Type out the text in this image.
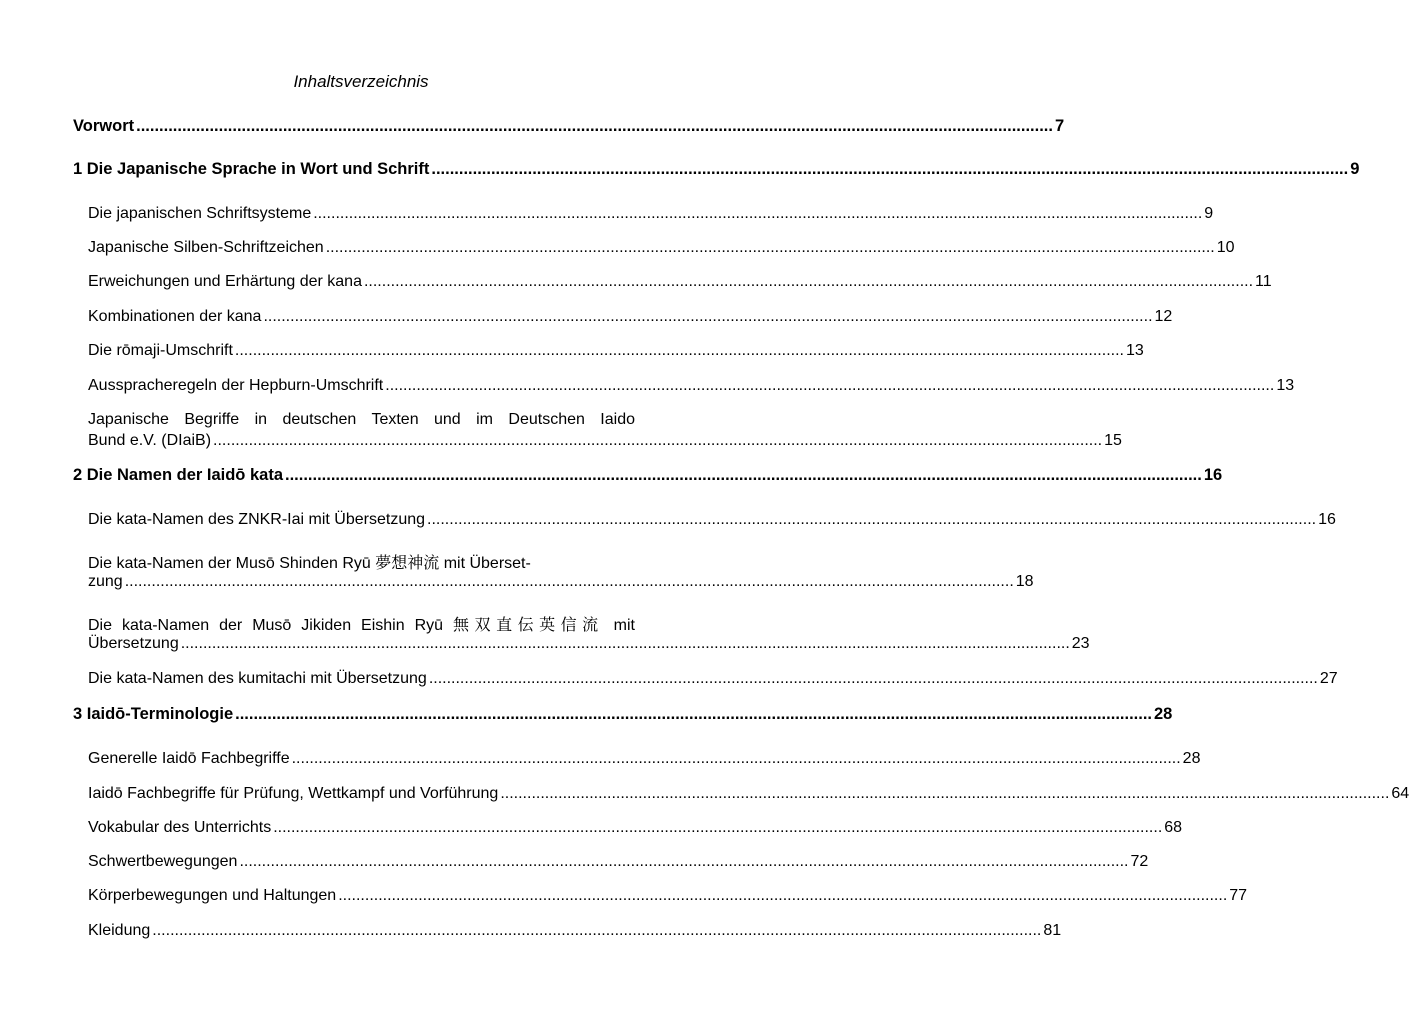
Inhaltsverzeichnis
Vorwort ........................................................................................................................................................................................................ 7
1 Die Japanische Sprache in Wort und Schrift ........................................................................................................................................................................................................ 9
Die japanischen Schriftsysteme ........................................................................................................................................................................................................ 9
Japanische Silben-Schriftzeichen ........................................................................................................................................................................................................ 10
Erweichungen und Erhärtung der kana ........................................................................................................................................................................................................ 11
Kombinationen der kana ........................................................................................................................................................................................................ 12
Die rōmaji-Umschrift ........................................................................................................................................................................................................ 13
Ausspracheregeln der Hepburn-Umschrift ........................................................................................................................................................................................................ 13
Japanische Begriffe in deutschen Texten und im Deutschen Iaido
Bund e.V. (DIaiB) ........................................................................................................................................................................................................ 15
2 Die Namen der Iaidō kata ........................................................................................................................................................................................................ 16
Die kata-Namen des ZNKR-Iai mit Übersetzung ........................................................................................................................................................................................................ 16
Die kata-Namen der Musō Shinden Ryū 夢想神流 mit Überset-
zung ........................................................................................................................................................................................................ 18
Die kata-Namen der Musō Jikiden Eishin Ryū 無双直伝英信流 mit
Übersetzung ........................................................................................................................................................................................................ 23
Die kata-Namen des kumitachi mit Übersetzung ........................................................................................................................................................................................................ 27
3 Iaidō-Terminologie ........................................................................................................................................................................................................ 28
Generelle Iaidō Fachbegriffe ........................................................................................................................................................................................................ 28
Iaidō Fachbegriffe für Prüfung, Wettkampf und Vorführung ........................................................................................................................................................................................................ 64
Vokabular des Unterrichts ........................................................................................................................................................................................................ 68
Schwertbewegungen ........................................................................................................................................................................................................ 72
Körperbewegungen und Haltungen ........................................................................................................................................................................................................ 77
Kleidung ........................................................................................................................................................................................................ 81
